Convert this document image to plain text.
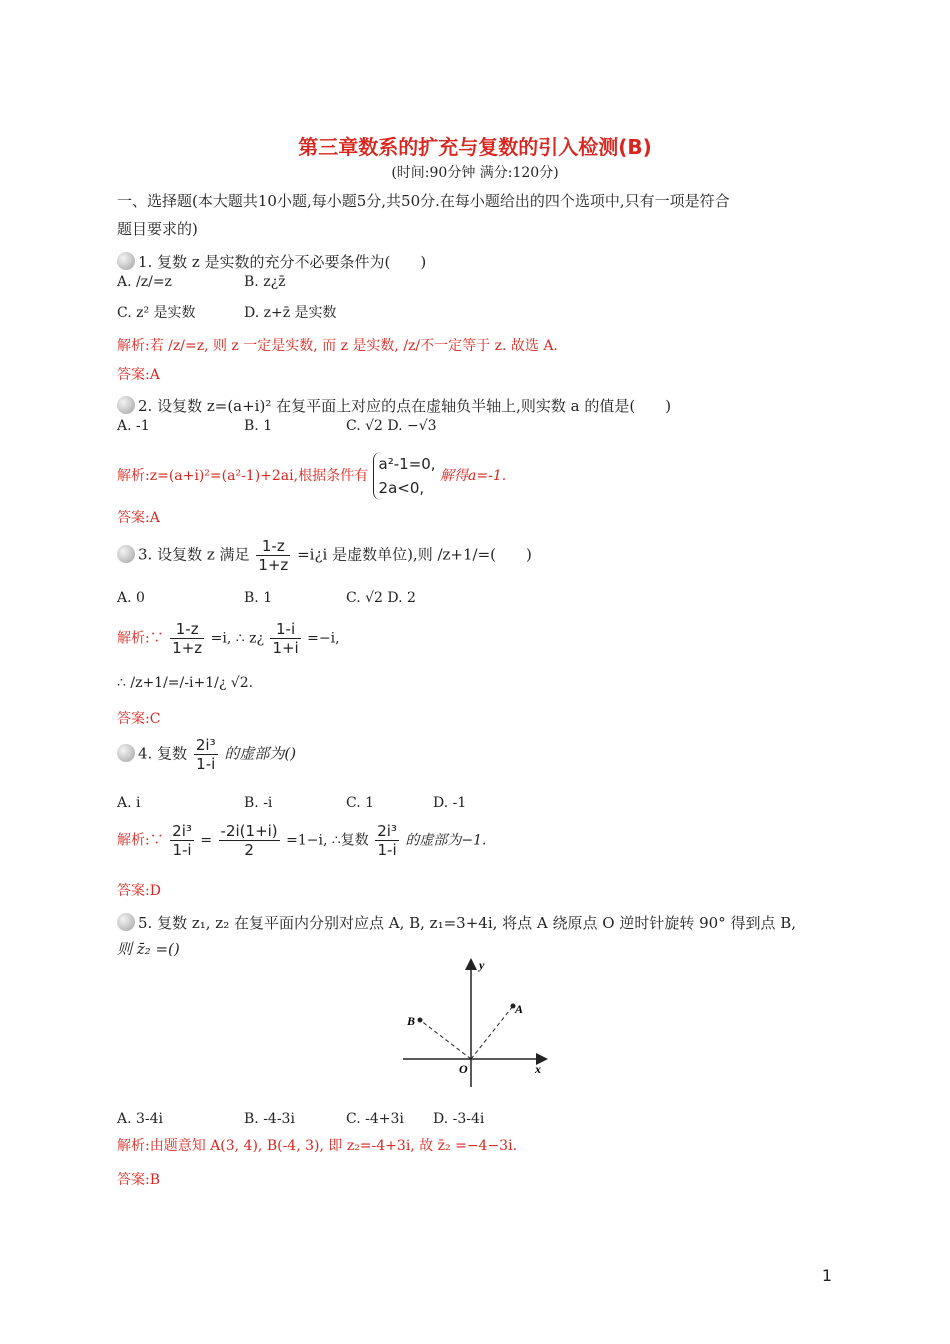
第三章数系的扩充与复数的引入检测(B)
(时间:90分钟 满分:120分)
一、选择题(本大题共10小题,每小题5分,共50分.在每小题给出的四个选项中,只有一项是符合
题目要求的)
1. 复数 z 是实数的充分不必要条件为(　　)
A. /z/=z	B. z¿z̄
C. z² 是实数	D. z+z̄ 是实数
解析:若 /z/=z, 则 z 一定是实数, 而 z 是实数, /z/不一定等于 z. 故选 A.
答案:A
2. 设复数 z=(a+i)² 在复平面上对应的点在虚轴负半轴上,则实数 a 的值是(　　)
A. -1	B. 1	C. √2 D. −√3
解析:z=(a+i)²=(a²-1)+2ai,根据条件有
a²-1=0,
2a<0,
解得a=-1.
答案:A
3. 设复数 z 满足 $\frac{1-z}{1+z}$ =i¿i 是虚数单位),则 /z+1/=(　　)
A. 0	B. 1	C. √2 D. 2
解析:∵ $\frac{1-z}{1+z} =i$, ∴ z¿ $\frac{1-i}{1+i} =-i$,
∴ /z+1/=/-i+1/¿ √2.
答案:C
4. 复数 $\frac{\text{2i³}}{1-i}$ 的虚部为()
A. i	B. -i	C. 1	D. -1
解析:∵ $\frac{\text{2i³}}{1-i} = \frac{-2i(1+i)}{2} =1-i$, ∴复数 $\frac{\text{2i³}}{1-i}$ 的虚部为−1.
答案:D
5. 复数 z₁, z₂ 在复平面内分别对应点 A, B, z₁=3+4i, 将点 A 绕原点 O 逆时针旋转 90° 得到点 B,
则 z̄₂ =()
y
x
O
A
B
A. 3-4i	B. -4-3i	C. -4+3i D. -3-4i
解析:由题意知 A(3, 4), B(-4, 3), 即 z₂=-4+3i, 故 z̄₂ =−4−3i.
答案:B
1
